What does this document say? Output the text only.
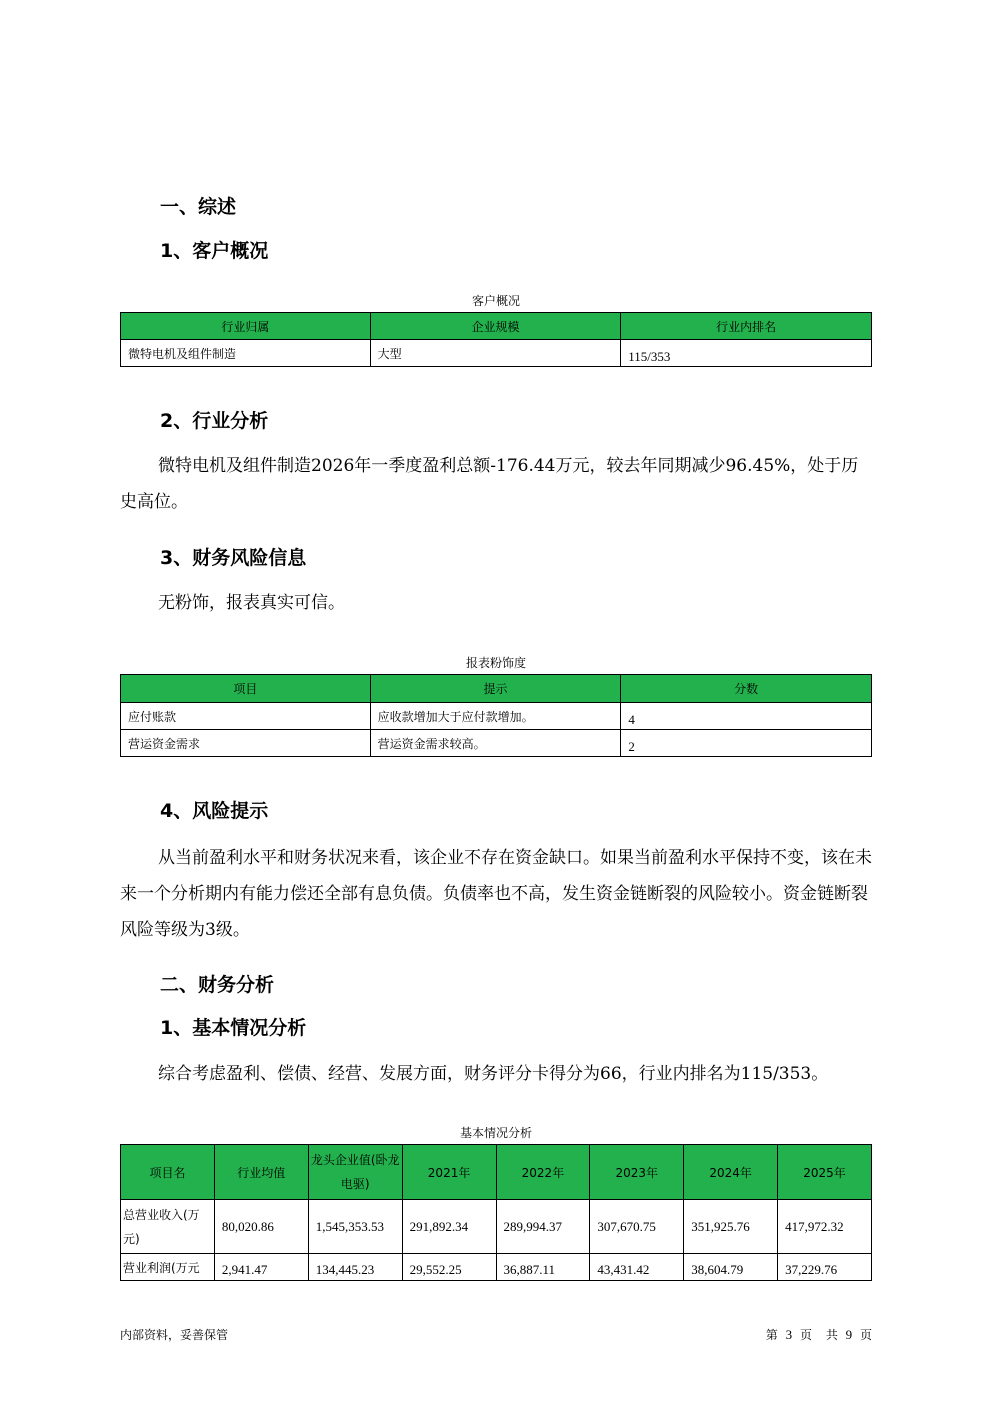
一、综述
1、客户概况
客户概况
行业归属	企业规模	行业内排名
微特电机及组件制造	大型	115/353
2、行业分析

微特电机及组件制造2026年一季度盈利总额-176.44万元，较去年同期减少96.45%，处于历史高位。

3、财务风险信息

无粉饰，报表真实可信。

报表粉饰度
项目	提示	分数
应付账款	应收款增加大于应付款增加。	4
营运资金需求	营运资金需求较高。	2
4、风险提示

从当前盈利水平和财务状况来看，该企业不存在资金缺口。如果当前盈利水平保持不变，该在未来一个分析期内有能力偿还全部有息负债。负债率也不高，发生资金链断裂的风险较小。资金链断裂风险等级为3级。

二、财务分析
1、基本情况分析

综合考虑盈利、偿债、经营、发展方面，财务评分卡得分为66，行业内排名为115/353。

基本情况分析
项目名	行业均值	龙头企业值(卧龙电驱)	2021年	2022年	2023年	2024年	2025年
总营业收入(万元)	80,020.86	1,545,353.53	291,892.34	289,994.37	307,670.75	351,925.76	417,972.32
营业利润(万元	2,941.47	134,445.23	29,552.25	36,887.11	43,431.42	38,604.79	37,229.76
内部资料，妥善保管	第 3 页 共 9 页
